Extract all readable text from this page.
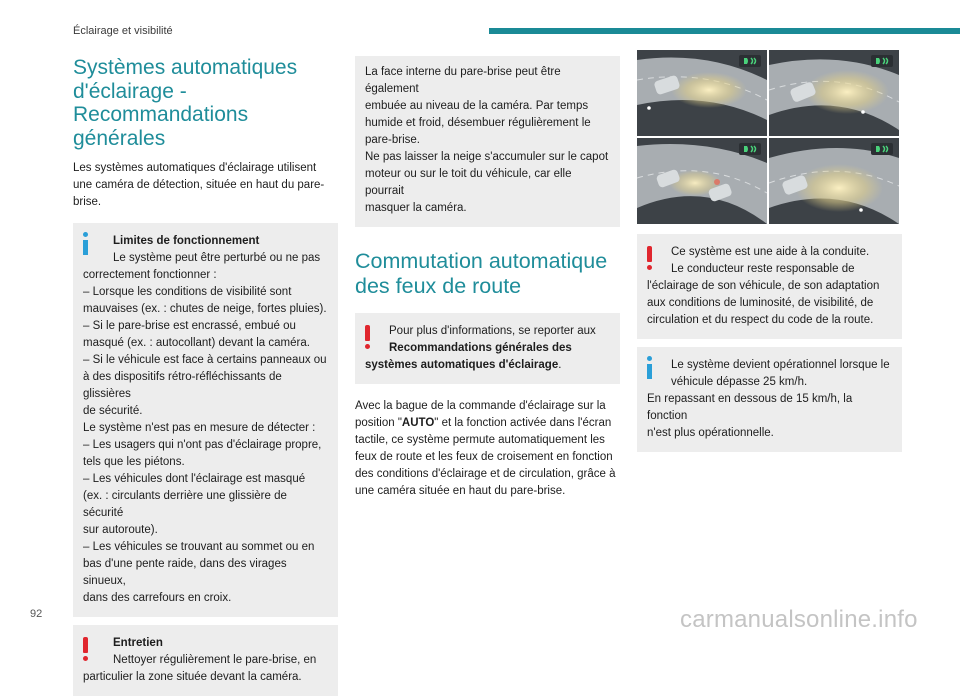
Éclairage et visibilité
Systèmes automatiques
d'éclairage -
Recommandations
générales

Les systèmes automatiques d'éclairage utilisent une caméra de détection, située en haut du pare-brise.

Limites de fonctionnement
Le système peut être perturbé ou ne pas
correctement fonctionner :
– Lorsque les conditions de visibilité sont
mauvaises (ex. : chutes de neige, fortes pluies).
– Si le pare-brise est encrassé, embué ou
masqué (ex. : autocollant) devant la caméra.
– Si le véhicule est face à certains panneaux ou
à des dispositifs rétro-réfléchissants de glissières
de sécurité.
Le système n'est pas en mesure de détecter :
– Les usagers qui n'ont pas d'éclairage propre,
tels que les piétons.
– Les véhicules dont l'éclairage est masqué
(ex. : circulants derrière une glissière de sécurité
sur autoroute).
– Les véhicules se trouvant au sommet ou en
bas d'une pente raide, dans des virages sinueux,
dans des carrefours en croix.
Entretien
Nettoyer régulièrement le pare-brise, en
particulier la zone située devant la caméra.
La face interne du pare-brise peut être également
embuée au niveau de la caméra. Par temps
humide et froid, désembuer régulièrement le
pare-brise.
Ne pas laisser la neige s'accumuler sur le capot
moteur ou sur le toit du véhicule, car elle pourrait
masquer la caméra.
Commutation automatique
des feux de route
Pour plus d'informations, se reporter aux
Recommandations générales des
systèmes automatiques d'éclairage.

Avec la bague de la commande d'éclairage sur la

position "AUTO" et la fonction activée dans l'écran

tactile, ce système permute automatiquement les

feux de route et les feux de croisement en fonction

des conditions d'éclairage et de circulation, grâce à

une caméra située en haut du pare-brise.

Ce système est une aide à la conduite.
Le conducteur reste responsable de
l'éclairage de son véhicule, de son adaptation
aux conditions de luminosité, de visibilité, de
circulation et du respect du code de la route.
Le système devient opérationnel lorsque le
véhicule dépasse 25 km/h.
En repassant en dessous de 15 km/h, la fonction
n'est plus opérationnelle.
92	carmanualsonline.info
